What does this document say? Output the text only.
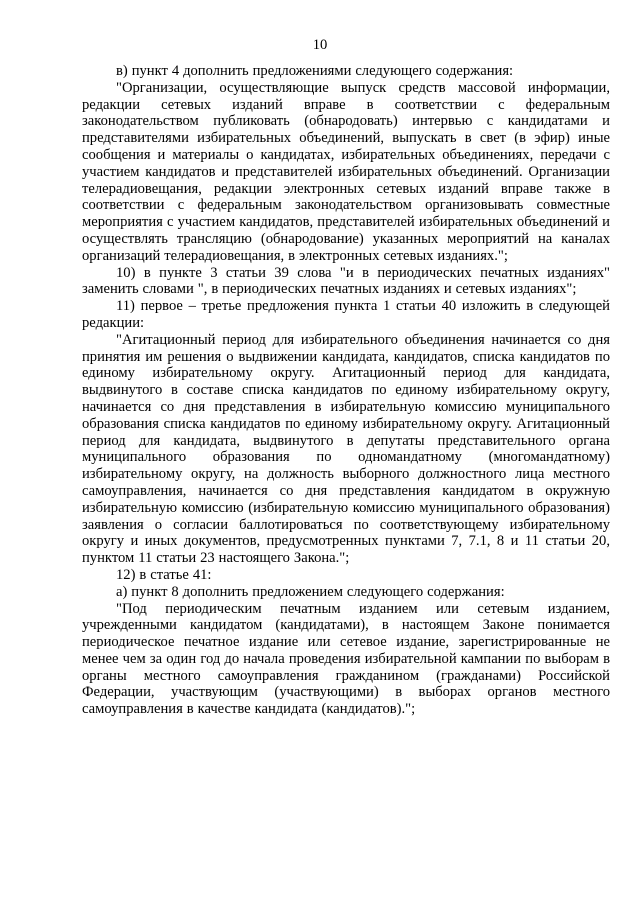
10

в) пункт 4 дополнить предложениями следующего содержания:

"Организации, осуществляющие выпуск средств массовой информации, редакции сетевых изданий вправе в соответствии с федеральным законодательством публиковать (обнародовать) интервью с кандидатами и представителями избирательных объединений, выпускать в свет (в эфир) иные сообщения и материалы о кандидатах, избирательных объединениях, передачи с участием кандидатов и представителей избирательных объединений. Организации телерадиовещания, редакции электронных сетевых изданий вправе также в соответствии с федеральным законодательством организовывать совместные мероприятия с участием кандидатов, представителей избирательных объединений и осуществлять трансляцию (обнародование) указанных мероприятий на каналах организаций телерадиовещания, в электронных сетевых изданиях.";

10) в пункте 3 статьи 39 слова "и в периодических печатных изданиях" заменить словами ", в периодических печатных изданиях и сетевых изданиях";

11) первое – третье предложения пункта 1 статьи 40 изложить в следующей редакции:

"Агитационный период для избирательного объединения начинается со дня принятия им решения о выдвижении кандидата, кандидатов, списка кандидатов по единому избирательному округу. Агитационный период для кандидата, выдвинутого в составе списка кандидатов по единому избирательному округу, начинается со дня представления в избирательную комиссию муниципального образования списка кандидатов по единому избирательному округу. Агитационный период для кандидата, выдвинутого в депутаты представительного органа муниципального образования по одномандатному (многомандатному) избирательному округу, на должность выборного должностного лица местного самоуправления, начинается со дня представления кандидатом в окружную избирательную комиссию (избирательную комиссию муниципального образования) заявления о согласии баллотироваться по соответствующему избирательному округу и иных документов, предусмотренных пунктами 7, 7.1, 8 и 11 статьи 20, пунктом 11 статьи 23 настоящего Закона.";

12) в статье 41:

а) пункт 8 дополнить предложением следующего содержания:

"Под периодическим печатным изданием или сетевым изданием, учрежденными кандидатом (кандидатами), в настоящем Законе понимается периодическое печатное издание или сетевое издание, зарегистрированные не менее чем за один год до начала проведения избирательной кампании по выборам в органы местного самоуправления гражданином (гражданами) Российской Федерации, участвующим (участвующими) в выборах органов местного самоуправления в качестве кандидата (кандидатов).";
